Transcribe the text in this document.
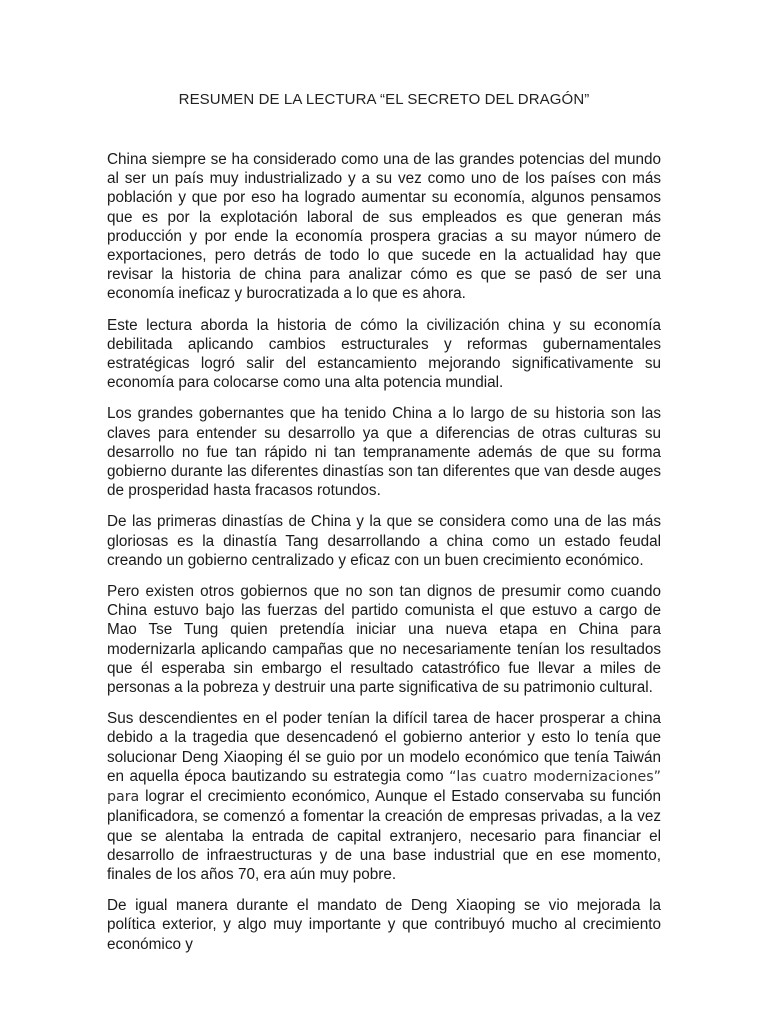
RESUMEN DE LA LECTURA “EL SECRETO DEL DRAGÓN”

China siempre se ha considerado como una de las grandes potencias del mundo al ser un país muy industrializado y a su vez como uno de los países con más población y que por eso ha logrado aumentar su economía, algunos pensamos que es por la explotación laboral de sus empleados es que generan más producción y por ende la economía prospera gracias a su mayor número de exportaciones, pero detrás de todo lo que sucede en la actualidad hay que revisar la historia de china para analizar cómo es que se pasó de ser una economía ineficaz y burocratizada a lo que es ahora.

Este lectura aborda la historia de cómo la civilización china y su economía debilitada aplicando cambios estructurales y reformas gubernamentales estratégicas logró salir del estancamiento mejorando significativamente su economía para colocarse como una alta potencia mundial.

Los grandes gobernantes que ha tenido China a lo largo de su historia son las claves para entender su desarrollo ya que a diferencias de otras culturas su desarrollo no fue tan rápido ni tan tempranamente además de que su forma gobierno durante las diferentes dinastías son tan diferentes que van desde auges de prosperidad hasta fracasos rotundos.

De las primeras dinastías de China y la que se considera como una de las más gloriosas es la dinastía Tang desarrollando a china como un estado feudal creando un gobierno centralizado y eficaz con un buen crecimiento económico.

Pero existen otros gobiernos que no son tan dignos de presumir como cuando China estuvo bajo las fuerzas del partido comunista el que estuvo a cargo de Mao Tse Tung quien pretendía iniciar una nueva etapa en China para modernizarla aplicando campañas que no necesariamente tenían los resultados que él esperaba sin embargo el resultado catastrófico fue llevar a miles de personas a la pobreza y destruir una parte significativa de su patrimonio cultural.

Sus descendientes en el poder tenían la difícil tarea de hacer prosperar a china debido a la tragedia que desencadenó el gobierno anterior y esto lo tenía que solucionar Deng Xiaoping él se guio por un modelo económico que tenía Taiwán en aquella época bautizando su estrategia como “las cuatro modernizaciones” para lograr el crecimiento económico, Aunque el Estado conservaba su función planificadora, se comenzó a fomentar la creación de empresas privadas, a la vez que se alentaba la entrada de capital extranjero, necesario para financiar el desarrollo de infraestructuras y de una base industrial que en ese momento, finales de los años 70, era aún muy pobre.

De igual manera durante el mandato de Deng Xiaoping se vio mejorada la política exterior, y algo muy importante y que contribuyó mucho al crecimiento económico y
